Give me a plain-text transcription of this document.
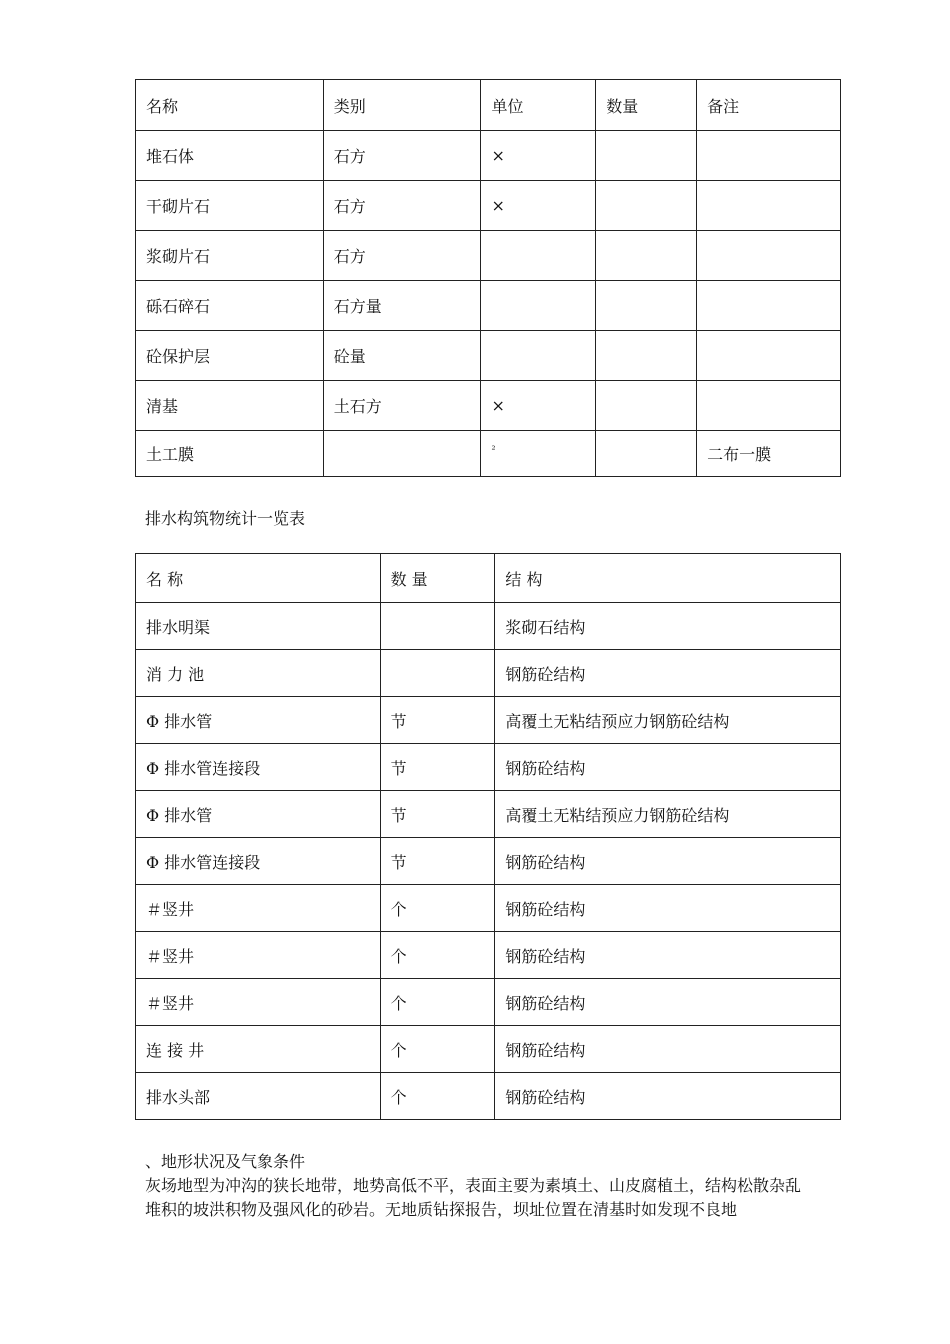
名称	类别	单位	数量	备注
堆石体	石方	×		
干砌片石	石方	×		
浆砌片石	石方			
砾石碎石	石方量			
砼保护层	砼量			
清基	土石方	×		
土工膜		$^{^2}$		二布一膜
排水构筑物统计一览表
名 称	数 量	结 构
排水明渠		浆砌石结构
消 力 池		钢筋砼结构
Φ 排水管	节	高覆土无粘结预应力钢筋砼结构
Φ 排水管连接段	节	钢筋砼结构
Φ 排水管	节	高覆土无粘结预应力钢筋砼结构
Φ 排水管连接段	节	钢筋砼结构
＃竖井	个	钢筋砼结构
＃竖井	个	钢筋砼结构
＃竖井	个	钢筋砼结构
连 接 井	个	钢筋砼结构
排水头部	个	钢筋砼结构
、地形状况及气象条件
灰场地型为冲沟的狭长地带，地势高低不平，表面主要为素填土、山皮腐植土，结构松散杂乱堆积的坡洪积物及强风化的砂岩。无地质钻探报告，坝址位置在清基时如发现不良地
